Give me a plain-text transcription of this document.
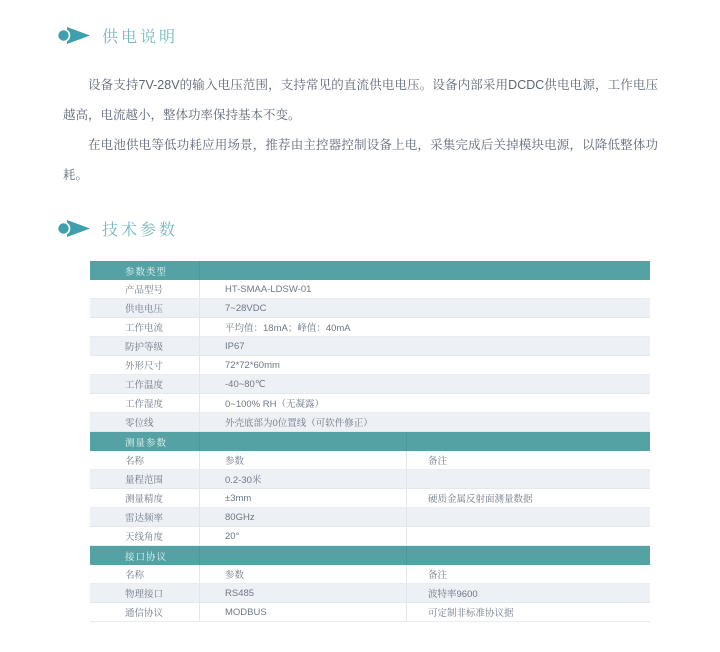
供电说明

设备支持7V-28V的输入电压范围，支持常见的直流供电电压。设备内部采用DCDC供电电源，工作电压越高，电流越小，整体功率保持基本不变。

在电池供电等低功耗应用场景，推荐由主控器控制设备上电，采集完成后关掉模块电源，以降低整体功耗。

技术参数
参数类型
产品型号	HT-SMAA-LDSW-01
供电电压	7~28VDC
工作电流	平均值：18mA；峰值：40mA
防护等级	IP67
外形尺寸	72*72*60mm
工作温度	-40~80℃
工作湿度	0~100% RH（无凝露）
零位线	外壳底部为0位置线（可软件修正）
测量参数
名称	参数	备注
量程范围	0.2-30米
测量精度	±3mm	硬质金属反射面测量数据
雷达频率	80GHz
天线角度	20°
接口协议
名称	参数	备注
物理接口	RS485	波特率9600
通信协议	MODBUS	可定制非标准协议据
